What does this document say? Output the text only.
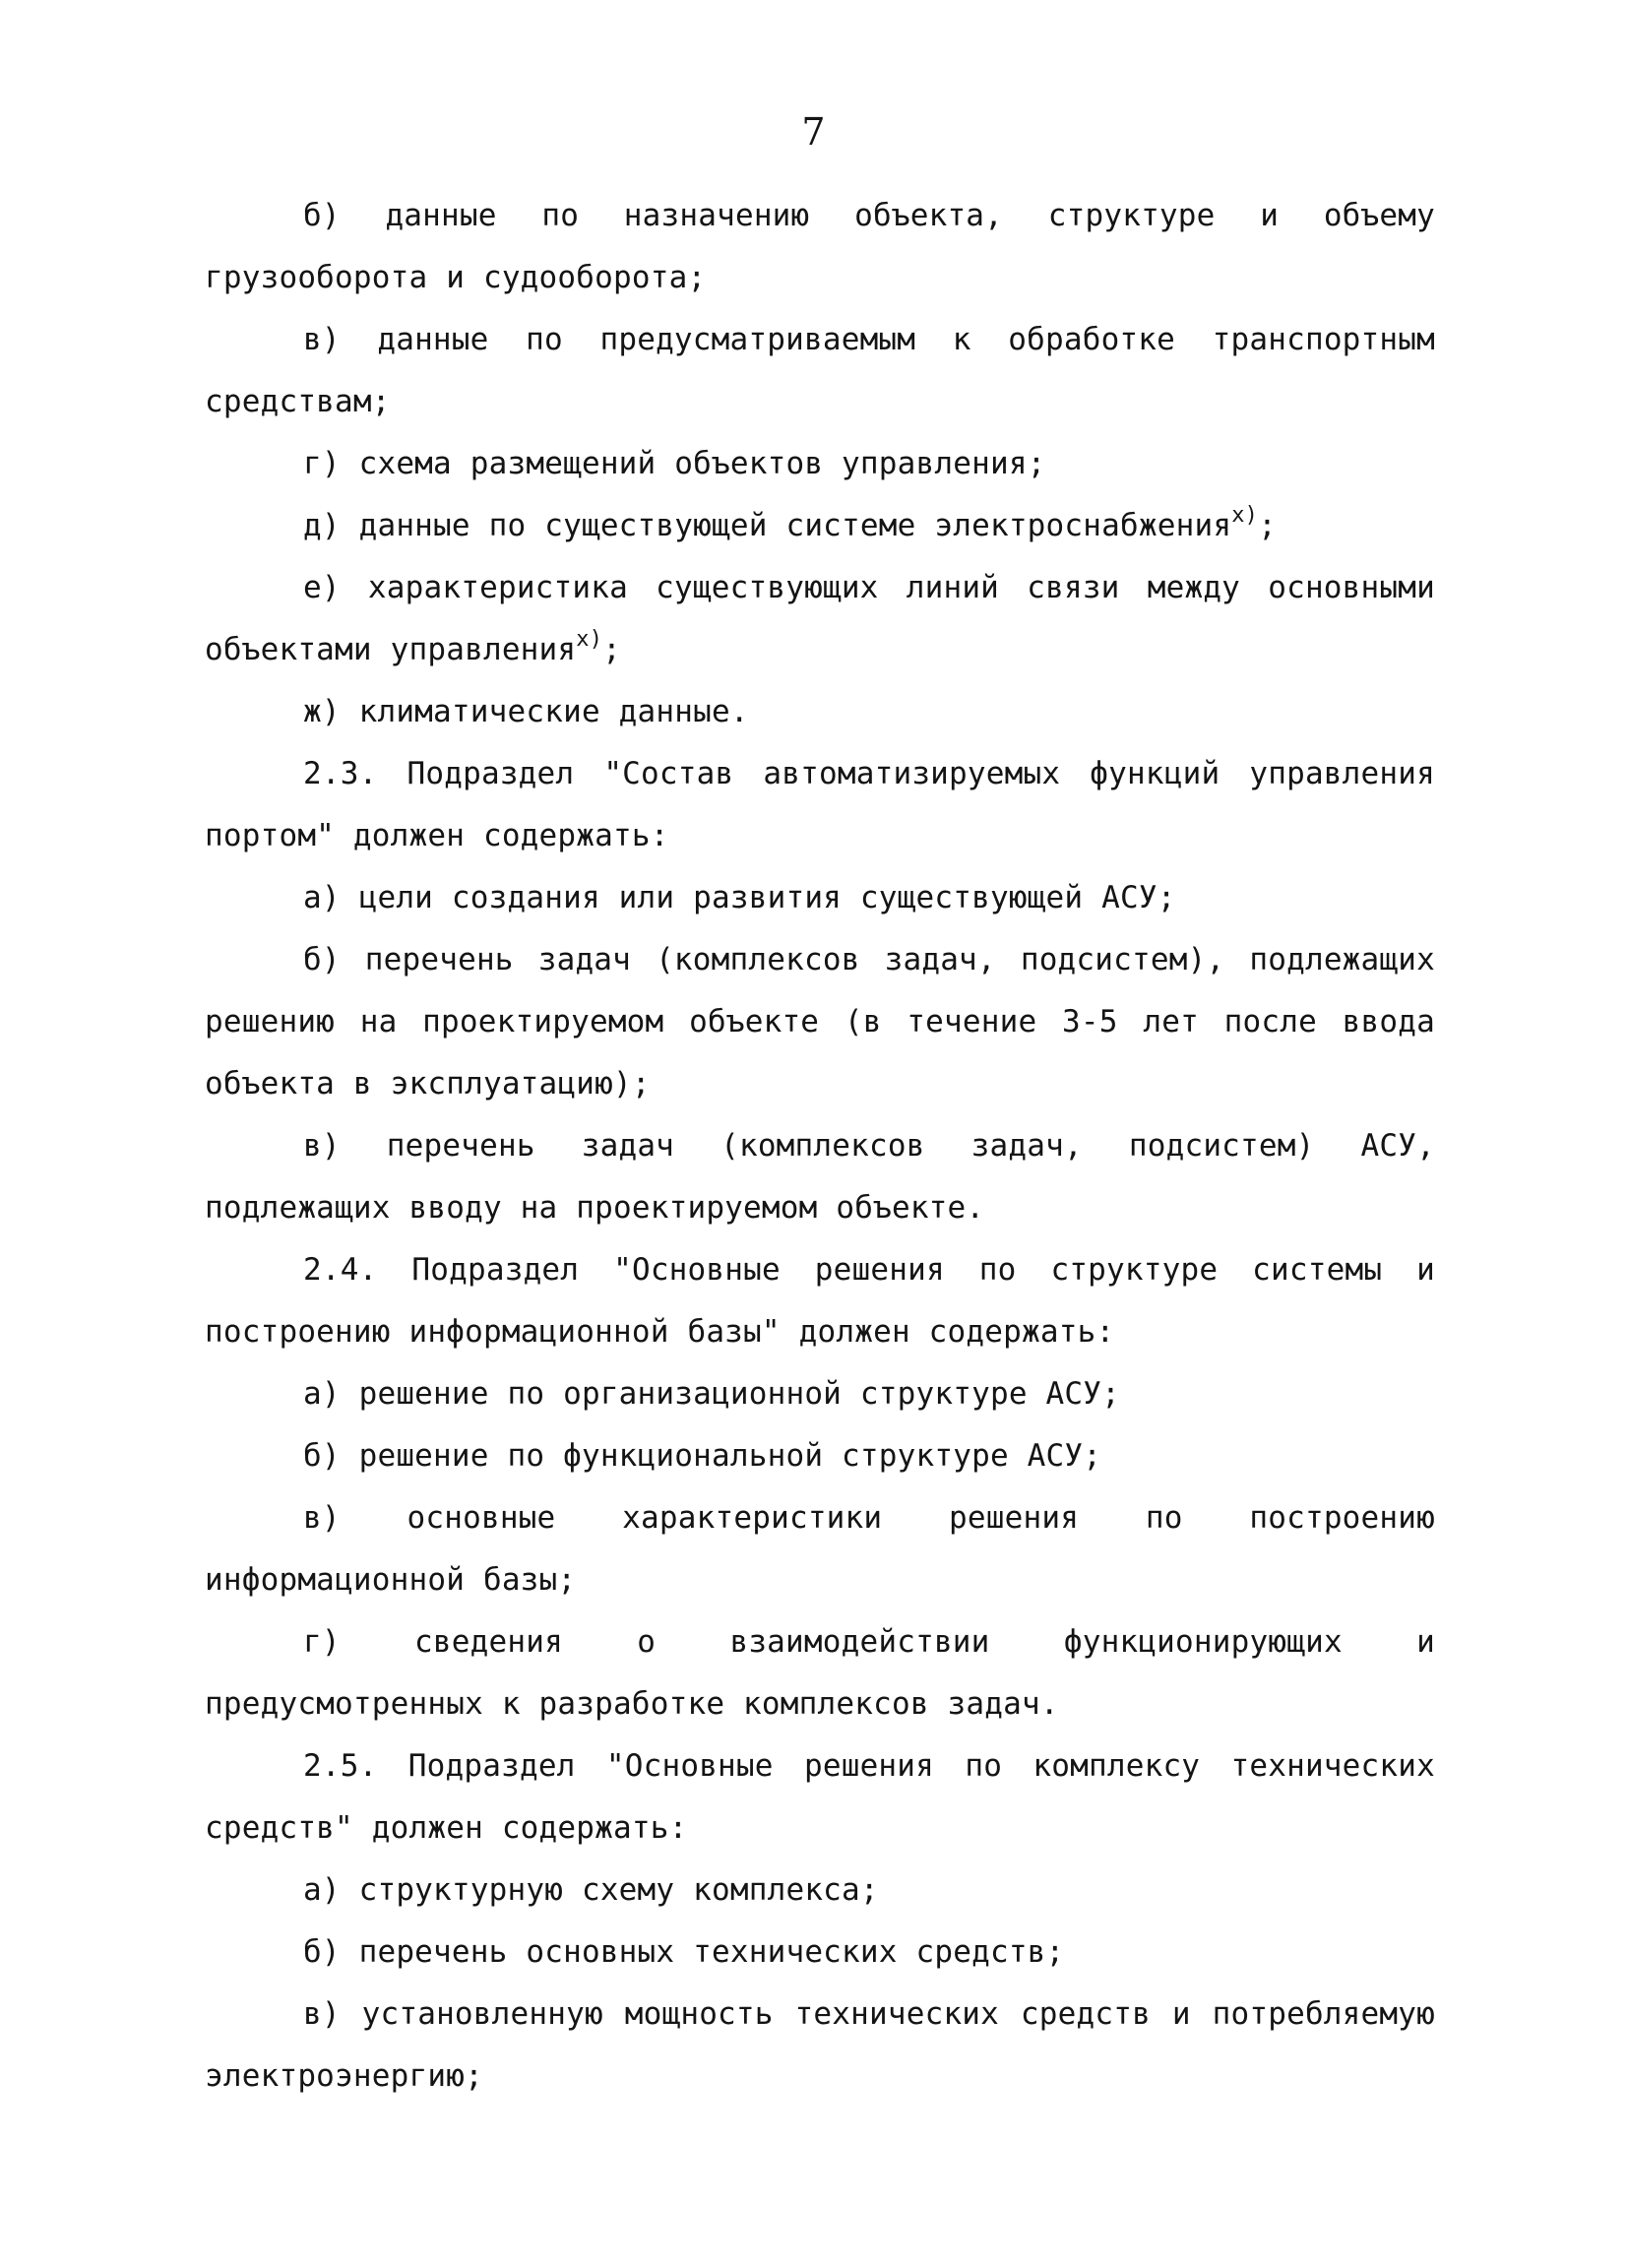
7

б) данные по назначению объекта, структуре и объему грузооборота и судооборота;

в) данные по предусматриваемым к обработке транспортным средствам;

г) схема размещений объектов управления;

д) данные по существующей системе электроснабжения$^{х)}$;

е) характеристика существующих линий связи между основными объектами управления$^{х)}$;

ж) климатические данные.

2.3. Подраздел "Состав автоматизируемых функций управления портом" должен содержать:

а) цели создания или развития существующей АСУ;

б) перечень задач (комплексов задач, подсистем), подлежащих решению на проектируемом объекте (в течение 3-5 лет после ввода объекта в эксплуатацию);

в) перечень задач (комплексов задач, подсистем) АСУ, подлежащих вводу на проектируемом объекте.

2.4. Подраздел "Основные решения по структуре системы и построению информационной базы" должен содержать:

а) решение по организационной структуре АСУ;

б) решение по функциональной структуре АСУ;

в) основные характеристики решения по построению информационной базы;

г) сведения о взаимодействии функционирующих и предусмотренных к разработке комплексов задач.

2.5. Подраздел "Основные решения по комплексу технических средств" должен содержать:

а) структурную схему комплекса;

б) перечень основных технических средств;

в) установленную мощность технических средств и потребляемую электроэнергию;
